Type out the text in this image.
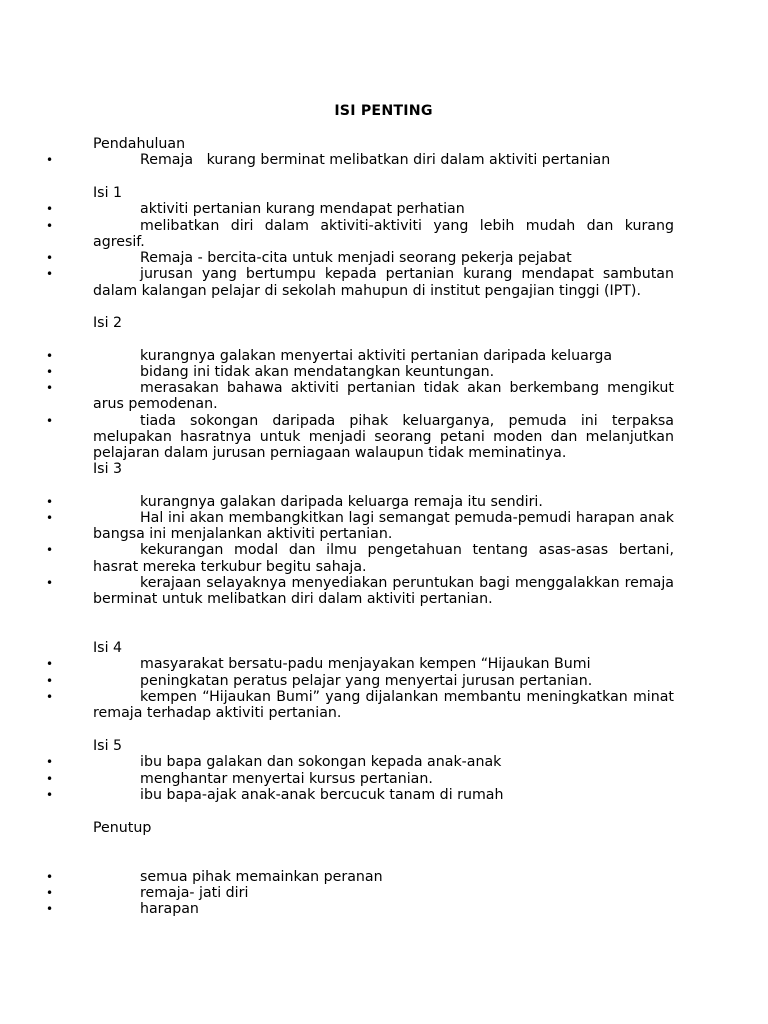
ISI PENTING
Pendahuluan
•	Remaja   kurang berminat melibatkan diri dalam aktiviti pertanian
Isi 1
•	aktiviti pertanian kurang mendapat perhatian
•	melibatkan diri dalam aktiviti-aktiviti yang lebih mudah dan kurang agresif.
•	Remaja - bercita-cita untuk menjadi seorang pekerja pejabat
•	jurusan yang bertumpu kepada pertanian kurang mendapat sambutan dalam kalangan pelajar di sekolah mahupun di institut pengajian tinggi (IPT).
Isi 2
•	kurangnya galakan menyertai aktiviti pertanian daripada keluarga
•	bidang ini tidak akan mendatangkan keuntungan.
•	merasakan bahawa aktiviti pertanian tidak akan berkembang mengikut arus pemodenan.
•	tiada sokongan daripada pihak keluarganya, pemuda ini terpaksa melupakan hasratnya untuk menjadi seorang petani moden dan melanjutkan pelajaran dalam jurusan perniagaan walaupun tidak meminatinya.
Isi 3
•	kurangnya galakan daripada keluarga remaja itu sendiri.
•	Hal ini akan membangkitkan lagi semangat pemuda-pemudi harapan anak bangsa ini menjalankan aktiviti pertanian.
•	kekurangan modal dan ilmu pengetahuan tentang asas-asas bertani, hasrat mereka terkubur begitu sahaja.
•	kerajaan selayaknya menyediakan peruntukan bagi menggalakkan remaja berminat untuk melibatkan diri dalam aktiviti pertanian.
Isi 4
•	masyarakat bersatu-padu menjayakan kempen “Hijaukan Bumi
•	peningkatan peratus pelajar yang menyertai jurusan pertanian.
•	kempen “Hijaukan Bumi” yang dijalankan membantu meningkatkan minat remaja terhadap aktiviti pertanian.
Isi 5
•	ibu bapa galakan dan sokongan kepada anak-anak
•	menghantar menyertai kursus pertanian.
•	ibu bapa-ajak anak-anak bercucuk tanam di rumah
Penutup
•	semua pihak memainkan peranan
•	remaja- jati diri
•	harapan
